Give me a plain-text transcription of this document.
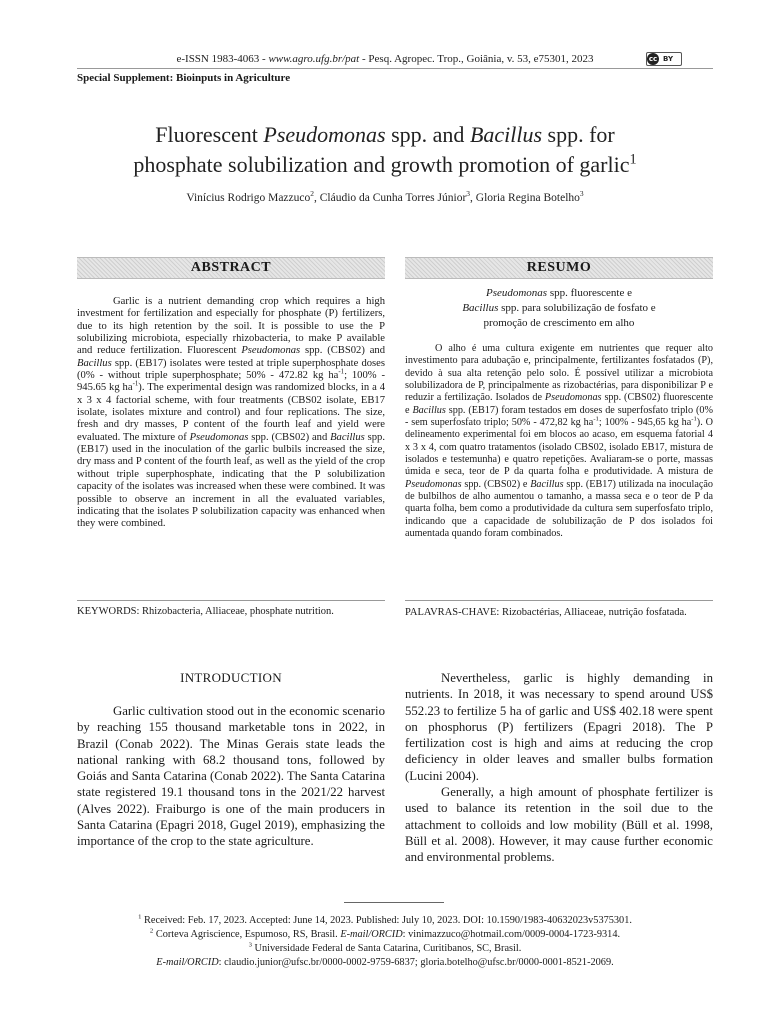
e-ISSN 1983-4063 - www.agro.ufg.br/pat - Pesq. Agropec. Trop., Goiânia, v. 53, e75301, 2023	cc BY
Special Supplement: Bioinputs in Agriculture
Fluorescent Pseudomonas spp. and Bacillus spp. for
phosphate solubilization and growth promotion of garlic$^1$
Vinícius Rodrigo Mazzuco$^2$, Cláudio da Cunha Torres Júnior$^3$, Gloria Regina Botelho$^3$
ABSTRACT	RESUMO
Garlic is a nutrient demanding crop which requires a high investment for fertilization and especially for phosphate (P) fertilizers, due to its high retention by the soil. It is possible to use the P solubilizing microbiota, especially rhizobacteria, to make P available and reduce fertilization. Fluorescent Pseudomonas spp. (CBS02) and Bacillus spp. (EB17) isolates were tested at triple superphosphate doses (0% - without triple superphosphate; 50% - 472.82 kg $ha^{-1}$; 100% - 945.65 kg $ha^{-1}$). The experimental design was randomized blocks, in a 4 x 3 x 4 factorial scheme, with four treatments (CBS02 isolate, EB17 isolate, isolates mixture and control) and four replications. The size, fresh and dry masses, P content of the fourth leaf and yield were evaluated. The mixture of Pseudomonas spp. (CBS02) and Bacillus spp. (EB17) used in the inoculation of the garlic bulbils increased the size, dry mass and P content of the fourth leaf, as well as the yield of the crop without triple superphosphate, indicating that the P solubilization capacity of the isolates was increased when these were combined. It was possible to observe an increment in all the evaluated variables, indicating that the isolates P solubilization capacity was enhanced when they were combined.
Pseudomonas spp. fluorescente e
Bacillus spp. para solubilização de fosfato e
promoção de crescimento em alho
O alho é uma cultura exigente em nutrientes que requer alto investimento para adubação e, principalmente, fertilizantes fosfatados (P), devido à sua alta retenção pelo solo. É possível utilizar a microbiota solubilizadora de P, principalmente as rizobactérias, para disponibilizar P e reduzir a fertilização. Isolados de Pseudomonas spp. (CBS02) fluorescente e Bacillus spp. (EB17) foram testados em doses de superfosfato triplo (0% - sem superfosfato triplo; 50% - 472,82 kg $ha^{-1}$; 100% - 945,65 kg $ha^{-1}$). O delineamento experimental foi em blocos ao acaso, em esquema fatorial 4 x 3 x 4, com quatro tratamentos (isolado CBS02, isolado EB17, mistura de isolados e testemunha) e quatro repetições. Avaliaram-se o porte, massas úmida e seca, teor de P da quarta folha e produtividade. A mistura de Pseudomonas spp. (CBS02) e Bacillus spp. (EB17) utilizada na inoculação de bulbilhos de alho aumentou o tamanho, a massa seca e o teor de P da quarta folha, bem como a produtividade da cultura sem superfosfato triplo, indicando que a capacidade de solubilização de P dos isolados foi aumentada quando foram combinados.
KEYWORDS: Rhizobacteria, Alliaceae, phosphate nutrition.	PALAVRAS-CHAVE: Rizobactérias, Alliaceae, nutrição fosfatada.
INTRODUCTION
Garlic cultivation stood out in the economic scenario by reaching 155 thousand marketable tons in 2022, in Brazil (Conab 2022). The Minas Gerais state leads the national ranking with 68.2 thousand tons, followed by Goiás and Santa Catarina (Conab 2022). The Santa Catarina state registered 19.1 thousand tons in the 2021/22 harvest (Alves 2022). Fraiburgo is one of the main producers in Santa Catarina (Epagri 2018, Gugel 2019), emphasizing the importance of the crop to the state agriculture.

Nevertheless, garlic is highly demanding in nutrients. In 2018, it was necessary to spend around US$ 552.23 to fertilize 5 ha of garlic and US$ 402.18 were spent on phosphorus (P) fertilizers (Epagri 2018). The P fertilization cost is high and aims at reducing the crop deficiency in older leaves and smaller bulbs formation (Lucini 2004).

Generally, a high amount of phosphate fertilizer is used to balance its retention in the soil due to the attachment to colloids and low mobility (Büll et al. 1998, Büll et al. 2008). However, it may cause further economic and environmental problems.

$^1$ Received: Feb. 17, 2023. Accepted: June 14, 2023. Published: July 10, 2023. DOI: 10.1590/1983-40632023v5375301.
$^2$ Corteva Agriscience, Espumoso, RS, Brasil. E-mail/ORCID: vinimazzuco@hotmail.com/0009-0004-1723-9314.
$^3$ Universidade Federal de Santa Catarina, Curitibanos, SC, Brasil.
E-mail/ORCID: claudio.junior@ufsc.br/0000-0002-9759-6837; gloria.botelho@ufsc.br/0000-0001-8521-2069.
